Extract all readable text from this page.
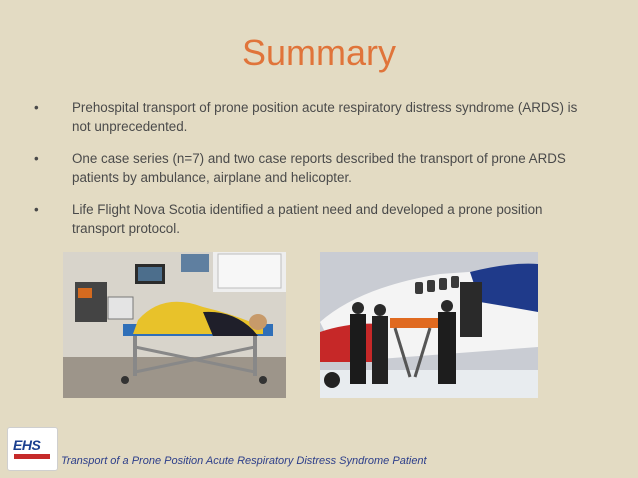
Summary
• Prehospital transport of prone position acute respiratory distress syndrome (ARDS) is not unprecedented.
• One case series (n=7) and two case reports described the transport of prone ARDS patients by ambulance, airplane and helicopter.
• Life Flight Nova Scotia identified a patient need and developed a prone position transport protocol.
EHS
Transport of a Prone Position Acute Respiratory Distress Syndrome Patient
